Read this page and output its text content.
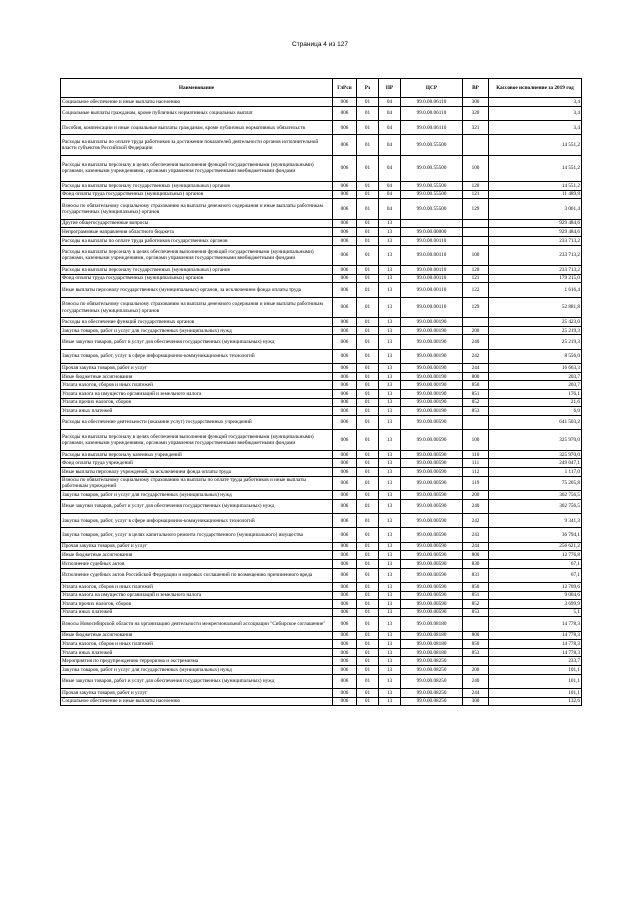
Страница 4 из 127
Наименование	ГлРсп	Рз	ПР	ЦСР	ВР	Кассовое исполнение за 2019 год
Социальное обеспечение и иные выплаты населению	006	01	04	99.0.00.06110	300	3,4
Социальные выплаты гражданам, кроме публичных нормативных социальных выплат	006	01	04	99.0.00.06110	320	3,4
Пособия, компенсации и иные социальные выплаты гражданам, кроме публичных нормативных обязательств	006	01	04	99.0.00.06110	321	3,4
Расходы на выплаты по оплате труда работников за достижение показателей деятельности органов исполнительной власти субъектов Российской Федерации	006	01	04	99.0.00.55500		14 551,2
Расходы на выплаты персоналу в целях обеспечения выполнения функций государственными (муниципальными) органами, казенными учреждениями, органами управления государственными внебюджетными фондами	006	01	04	99.0.00.55500	100	14 551,2
Расходы на выплаты персоналу государственных (муниципальных) органов	006	01	04	99.0.00.55500	120	14 551,2
Фонд оплаты труда государственных (муниципальных) органов	006	01	04	99.0.00.55500	121	11 489,8
Взносы по обязательному социальному страхованию на выплаты денежного содержания и иные выплаты работникам государственных (муниципальных) органов	006	01	04	99.0.00.55500	129	3 061,4
Другие общегосударственные вопросы	006	01	13			929 484,6
Непрограммные направления областного бюджета	006	01	13	99.0.00.00000		929 484,6
Расходы на выплаты по оплате труда работников государственных органов	006	01	13	99.0.00.00110		233 713,2
Расходы на выплаты персоналу в целях обеспечения выполнения функций государственными (муниципальными) органами, казенными учреждениями, органами управления государственными внебюджетными фондами	006	01	13	99.0.00.00110	100	233 713,2
Расходы на выплаты персоналу государственных (муниципальных) органов	006	01	13	99.0.00.00110	120	233 713,2
Фонд оплаты труда государственных (муниципальных) органов	006	01	13	99.0.00.00110	121	179 215,0
Иные выплаты персоналу государственных (муниципальных) органов, за исключением фонда оплаты труда	006	01	13	99.0.00.00110	122	1 616,4
Взносы по обязательному социальному страхованию на выплаты денежного содержания и иные выплаты работникам государственных (муниципальных) органов	006	01	13	99.0.00.00110	129	52 881,8
Расходы на обеспечение функций государственных органов	006	01	13	99.0.00.00190		25 423,0
Закупка товаров, работ и услуг для государственных (муниципальных) нужд	006	01	13	99.0.00.00190	200	25 219,3
Иные закупки товаров, работ и услуг для обеспечения государственных (муниципальных) нужд	006	01	13	99.0.00.00190	240	25 219,3
Закупка товаров, работ, услуг в сфере информационно-коммуникационных технологий	006	01	13	99.0.00.00190	242	8 556,0
Прочая закупка товаров, работ и услуг	006	01	13	99.0.00.00190	244	16 663,3
Иные бюджетные ассигнования	006	01	13	99.0.00.00190	800	203,7
Уплата налогов, сборов и иных платежей	006	01	13	99.0.00.00190	850	203,7
Уплата налога на имущество организаций и земельного налога	006	01	13	99.0.00.00190	851	176,1
Уплата прочих налогов, сборов	006	01	13	99.0.00.00190	852	21,6
Уплата иных платежей	006	01	13	99.0.00.00190	853	6,0
Расходы на обеспечение деятельности (оказание услуг) государственных учреждений	006	01	13	99.0.00.00590		641 503,2
Расходы на выплаты персоналу в целях обеспечения выполнения функций государственными (муниципальными) органами, казенными учреждениями, органами управления государственными внебюджетными фондами	006	01	13	99.0.00.00590	100	325 970,0
Расходы на выплаты персоналу казенных учреждений	006	01	13	99.0.00.00590	110	325 970,0
Фонд оплаты труда учреждений	006	01	13	99.0.00.00590	111	249 047,1
Иные выплаты персоналу учреждений, за исключением фонда оплаты труда	006	01	13	99.0.00.00590	112	1 117,0
Взносы по обязательному социальному страхованию на выплаты по оплате труда работников и иные выплаты работникам учреждений	006	01	13	99.0.00.00590	119	75 205,8
Закупка товаров, работ и услуг для государственных (муниципальных) нужд	006	01	13	99.0.00.00590	200	302 756,5
Иные закупки товаров, работ и услуг для обеспечения государственных (муниципальных) нужд	006	01	13	99.0.00.00590	240	302 756,5
Закупка товаров, работ, услуг в сфере информационно-коммуникационных технологий	006	01	13	99.0.00.00590	242	9 341,3
Закупка товаров, работ, услуг в целях капитального ремонта государственного (муниципального) имущества	006	01	13	99.0.00.00590	243	36 794,1
Прочая закупка товаров, работ и услуг	006	01	13	99.0.00.00590	244	256 621,2
Иные бюджетные ассигнования	006	01	13	99.0.00.00590	800	12 776,8
Исполнение судебных актов	006	01	13	99.0.00.00590	830	67,1
Исполнение судебных актов Российской Федерации и мировых соглашений по возмещению причиненного вреда	006	01	13	99.0.00.00590	831	67,1
Уплата налогов, сборов и иных платежей	006	01	13	99.0.00.00590	850	12 709,6
Уплата налога на имущество организаций и земельного налога	006	01	13	99.0.00.00590	851	9 004,6
Уплата прочих налогов, сборов	006	01	13	99.0.00.00590	852	3 699,9
Уплата иных платежей	006	01	13	99.0.00.00590	853	5,1
Взносы Новосибирской области на организацию деятельности межрегиональной ассоциации "Сибирское соглашение"	006	01	13	99.0.00.08180		14 778,3
Иные бюджетные ассигнования	006	01	13	99.0.00.08180	800	14 778,3
Уплата налогов, сборов и иных платежей	006	01	13	99.0.00.08180	850	14 778,3
Уплата иных платежей	006	01	13	99.0.00.08180	853	14 778,3
Мероприятия по предупреждению терроризма и экстремизма	006	01	13	99.0.00.08250		233,7
Закупка товаров, работ и услуг для государственных (муниципальных) нужд	006	01	13	99.0.00.08250	200	101,1
Иные закупки товаров, работ и услуг для обеспечения государственных (муниципальных) нужд	006	01	13	99.0.00.08250	240	101,1
Прочая закупка товаров, работ и услуг	006	01	13	99.0.00.08250	244	101,1
Социальное обеспечение и иные выплаты населению	006	01	13	99.0.00.08250	300	132,6
